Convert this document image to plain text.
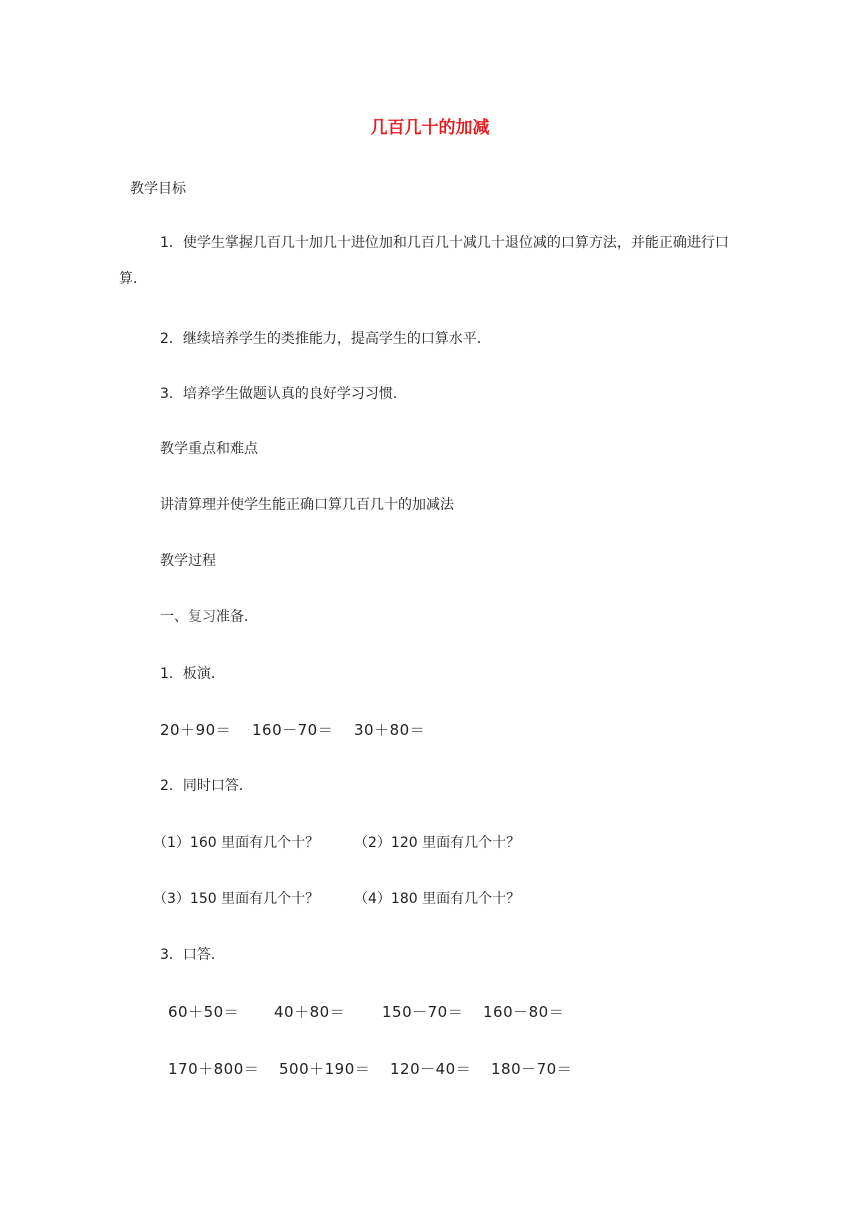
几百几十的加减
教学目标
1．使学生掌握几百几十加几十进位加和几百几十减几十退位减的口算方法，并能正确进行口算．
2．继续培养学生的类推能力，提高学生的口算水平．
3．培养学生做题认真的良好学习习惯．
教学重点和难点
讲清算理并使学生能正确口算几百几十的加减法
教学过程
一、复习准备．
1．板演．
20＋90＝ 160－70＝ 30＋80＝
2．同时口答．
（1）160 里面有几个十？ （2）120 里面有几个十？
（3）150 里面有几个十？ （4）180 里面有几个十？
3．口答．
60＋50＝ 40＋80＝ 150－70＝ 160－80＝
170＋800＝ 500＋190＝ 120－40＝ 180－70＝
